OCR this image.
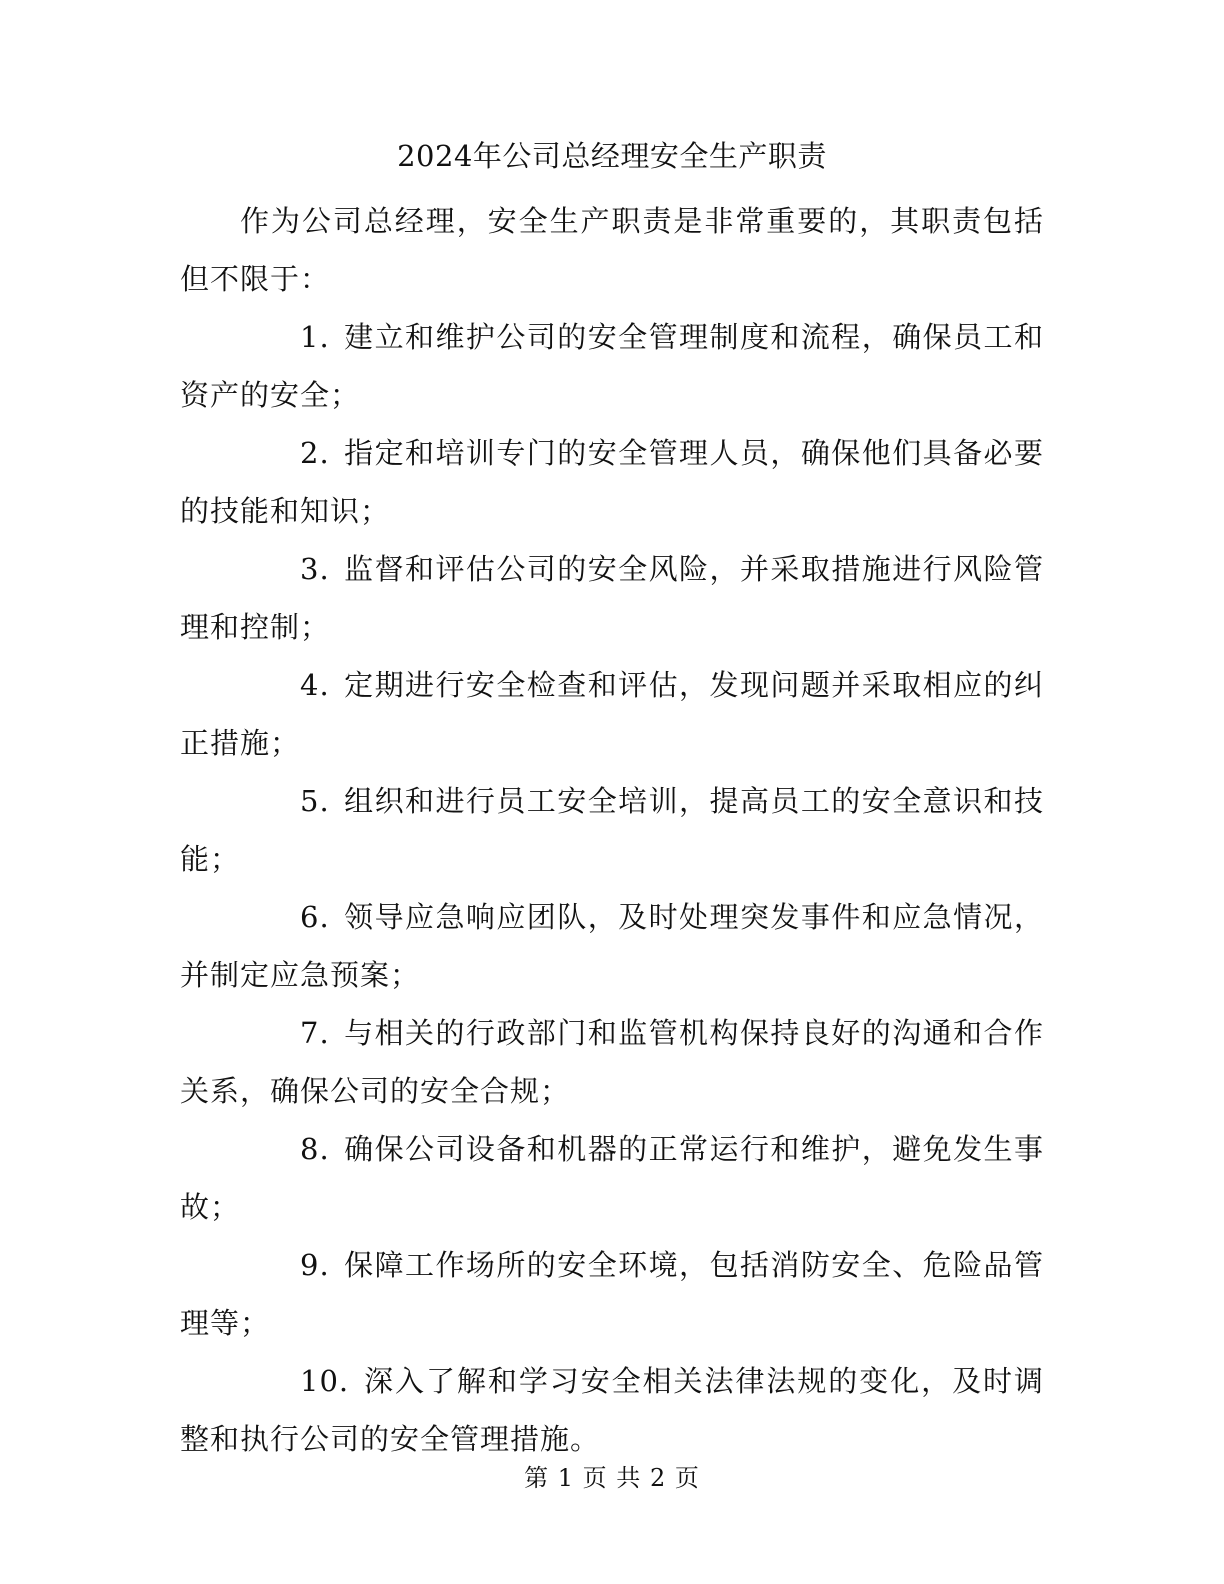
2024年公司总经理安全生产职责

作为公司总经理，安全生产职责是非常重要的，其职责包括但不限于：

1. 建立和维护公司的安全管理制度和流程，确保员工和资产的安全；

2. 指定和培训专门的安全管理人员，确保他们具备必要的技能和知识；

3. 监督和评估公司的安全风险，并采取措施进行风险管理和控制；

4. 定期进行安全检查和评估，发现问题并采取相应的纠正措施；

5. 组织和进行员工安全培训，提高员工的安全意识和技能；

6. 领导应急响应团队，及时处理突发事件和应急情况，并制定应急预案；

7. 与相关的行政部门和监管机构保持良好的沟通和合作关系，确保公司的安全合规；

8. 确保公司设备和机器的正常运行和维护，避免发生事故；

9. 保障工作场所的安全环境，包括消防安全、危险品管理等；

10. 深入了解和学习安全相关法律法规的变化，及时调整和执行公司的安全管理措施。

第 1 页 共 2 页
